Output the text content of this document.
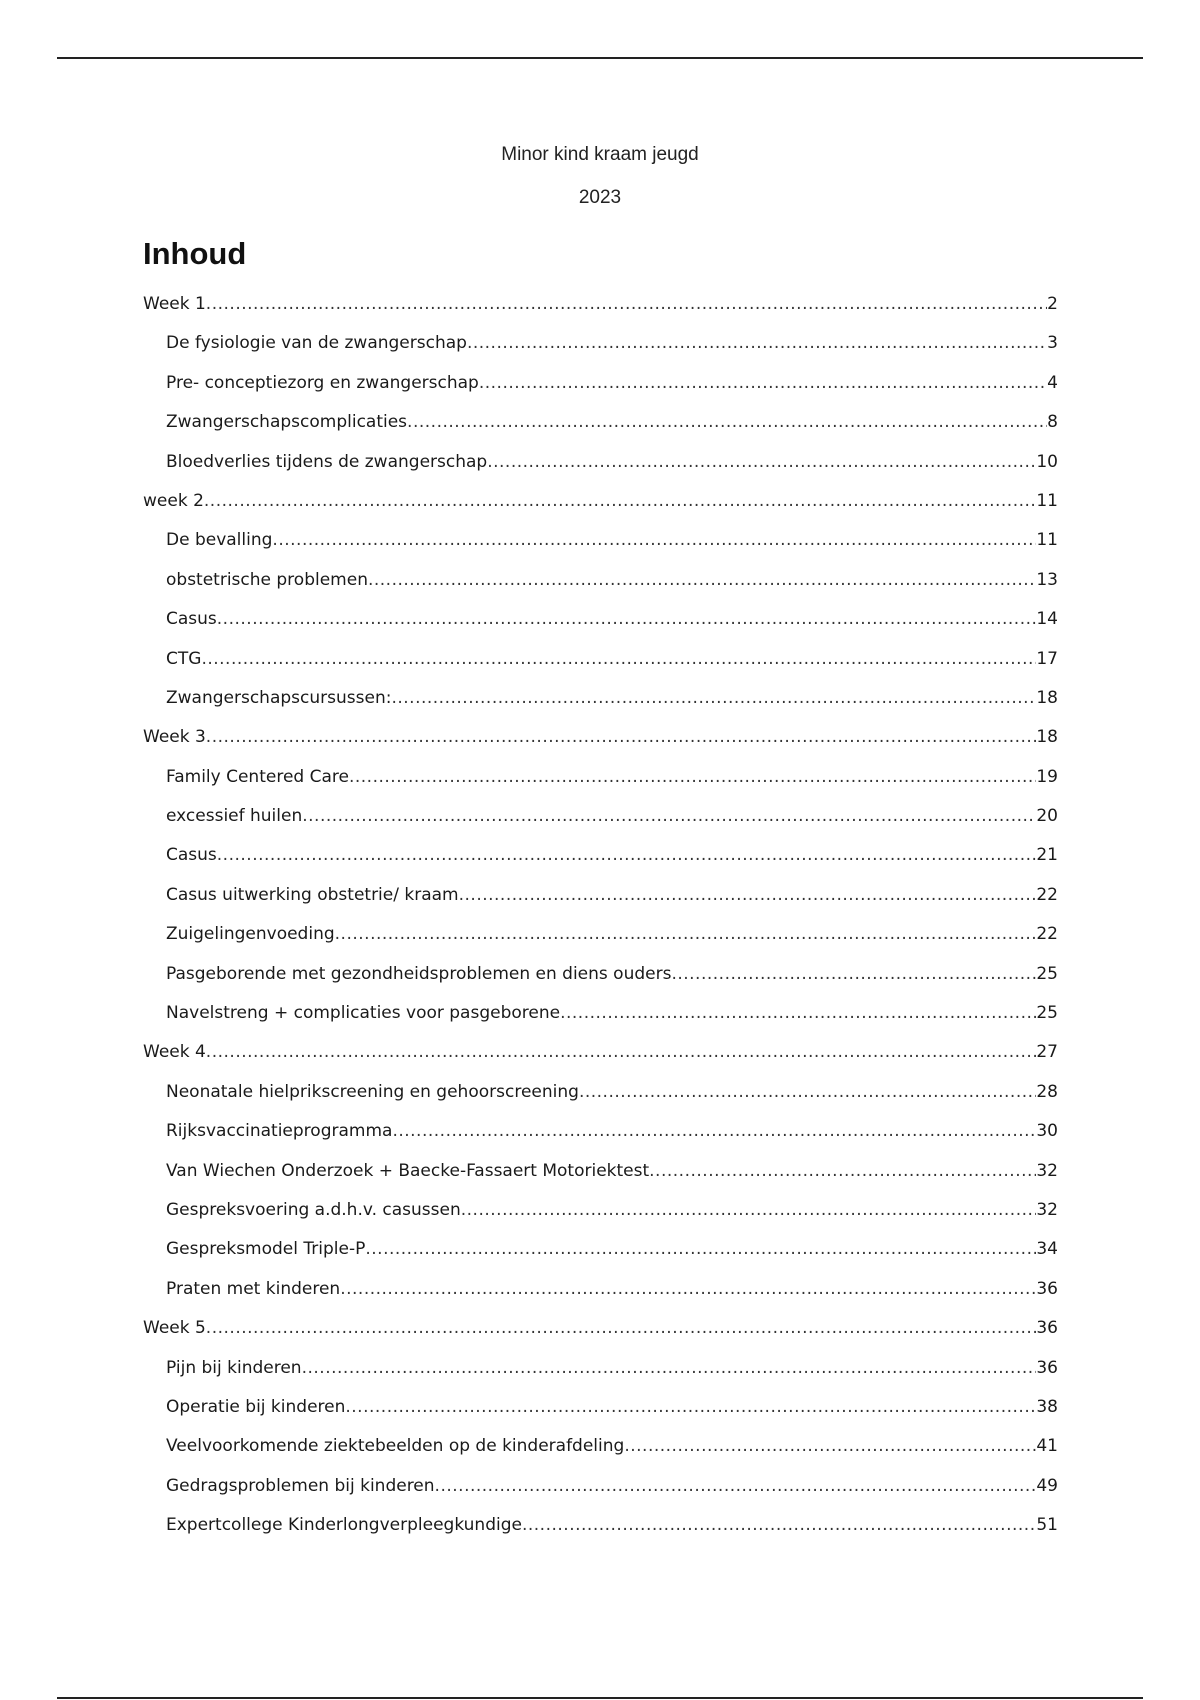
Minor kind kraam jeugd
2023
Inhoud
Week 1 .....	2
De fysiologie van de zwangerschap .....	3
Pre- conceptiezorg en zwangerschap .....	4
Zwangerschapscomplicaties .....	8
Bloedverlies tijdens de zwangerschap .....	10
week 2 .....	11
De bevalling .....	11
obstetrische problemen .....	13
Casus .....	14
CTG .....	17
Zwangerschapscursussen: .....	18
Week 3 .....	18
Family Centered Care .....	19
excessief huilen .....	20
Casus .....	21
Casus uitwerking obstetrie/ kraam .....	22
Zuigelingenvoeding .....	22
Pasgeborende met gezondheidsproblemen en diens ouders .....	25
Navelstreng + complicaties voor pasgeborene .....	25
Week 4 .....	27
Neonatale hielprikscreening en gehoorscreening .....	28
Rijksvaccinatieprogramma .....	30
Van Wiechen Onderzoek + Baecke-Fassaert Motoriektest .....	32
Gespreksvoering a.d.h.v. casussen .....	32
Gespreksmodel Triple-P .....	34
Praten met kinderen .....	36
Week 5 .....	36
Pijn bij kinderen .....	36
Operatie bij kinderen .....	38
Veelvoorkomende ziektebeelden op de kinderafdeling .....	41
Gedragsproblemen bij kinderen .....	49
Expertcollege Kinderlongverpleegkundige .....	51
